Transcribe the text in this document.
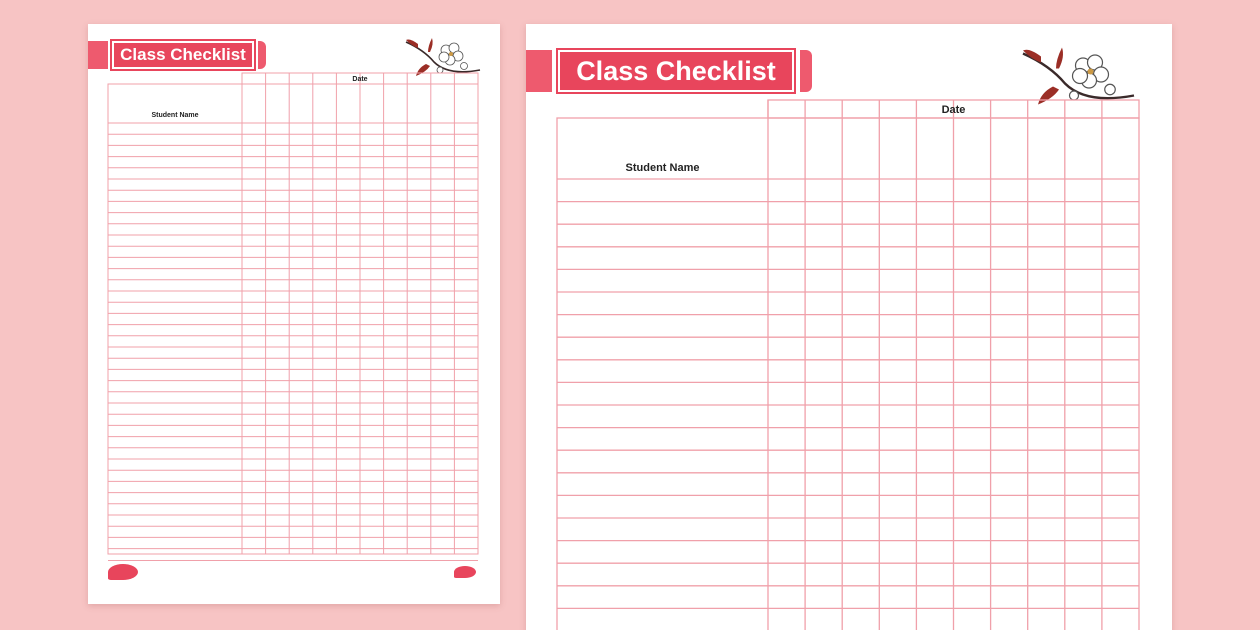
Class Checklist
Date
Student Name
Class Checklist
Date
Student Name
